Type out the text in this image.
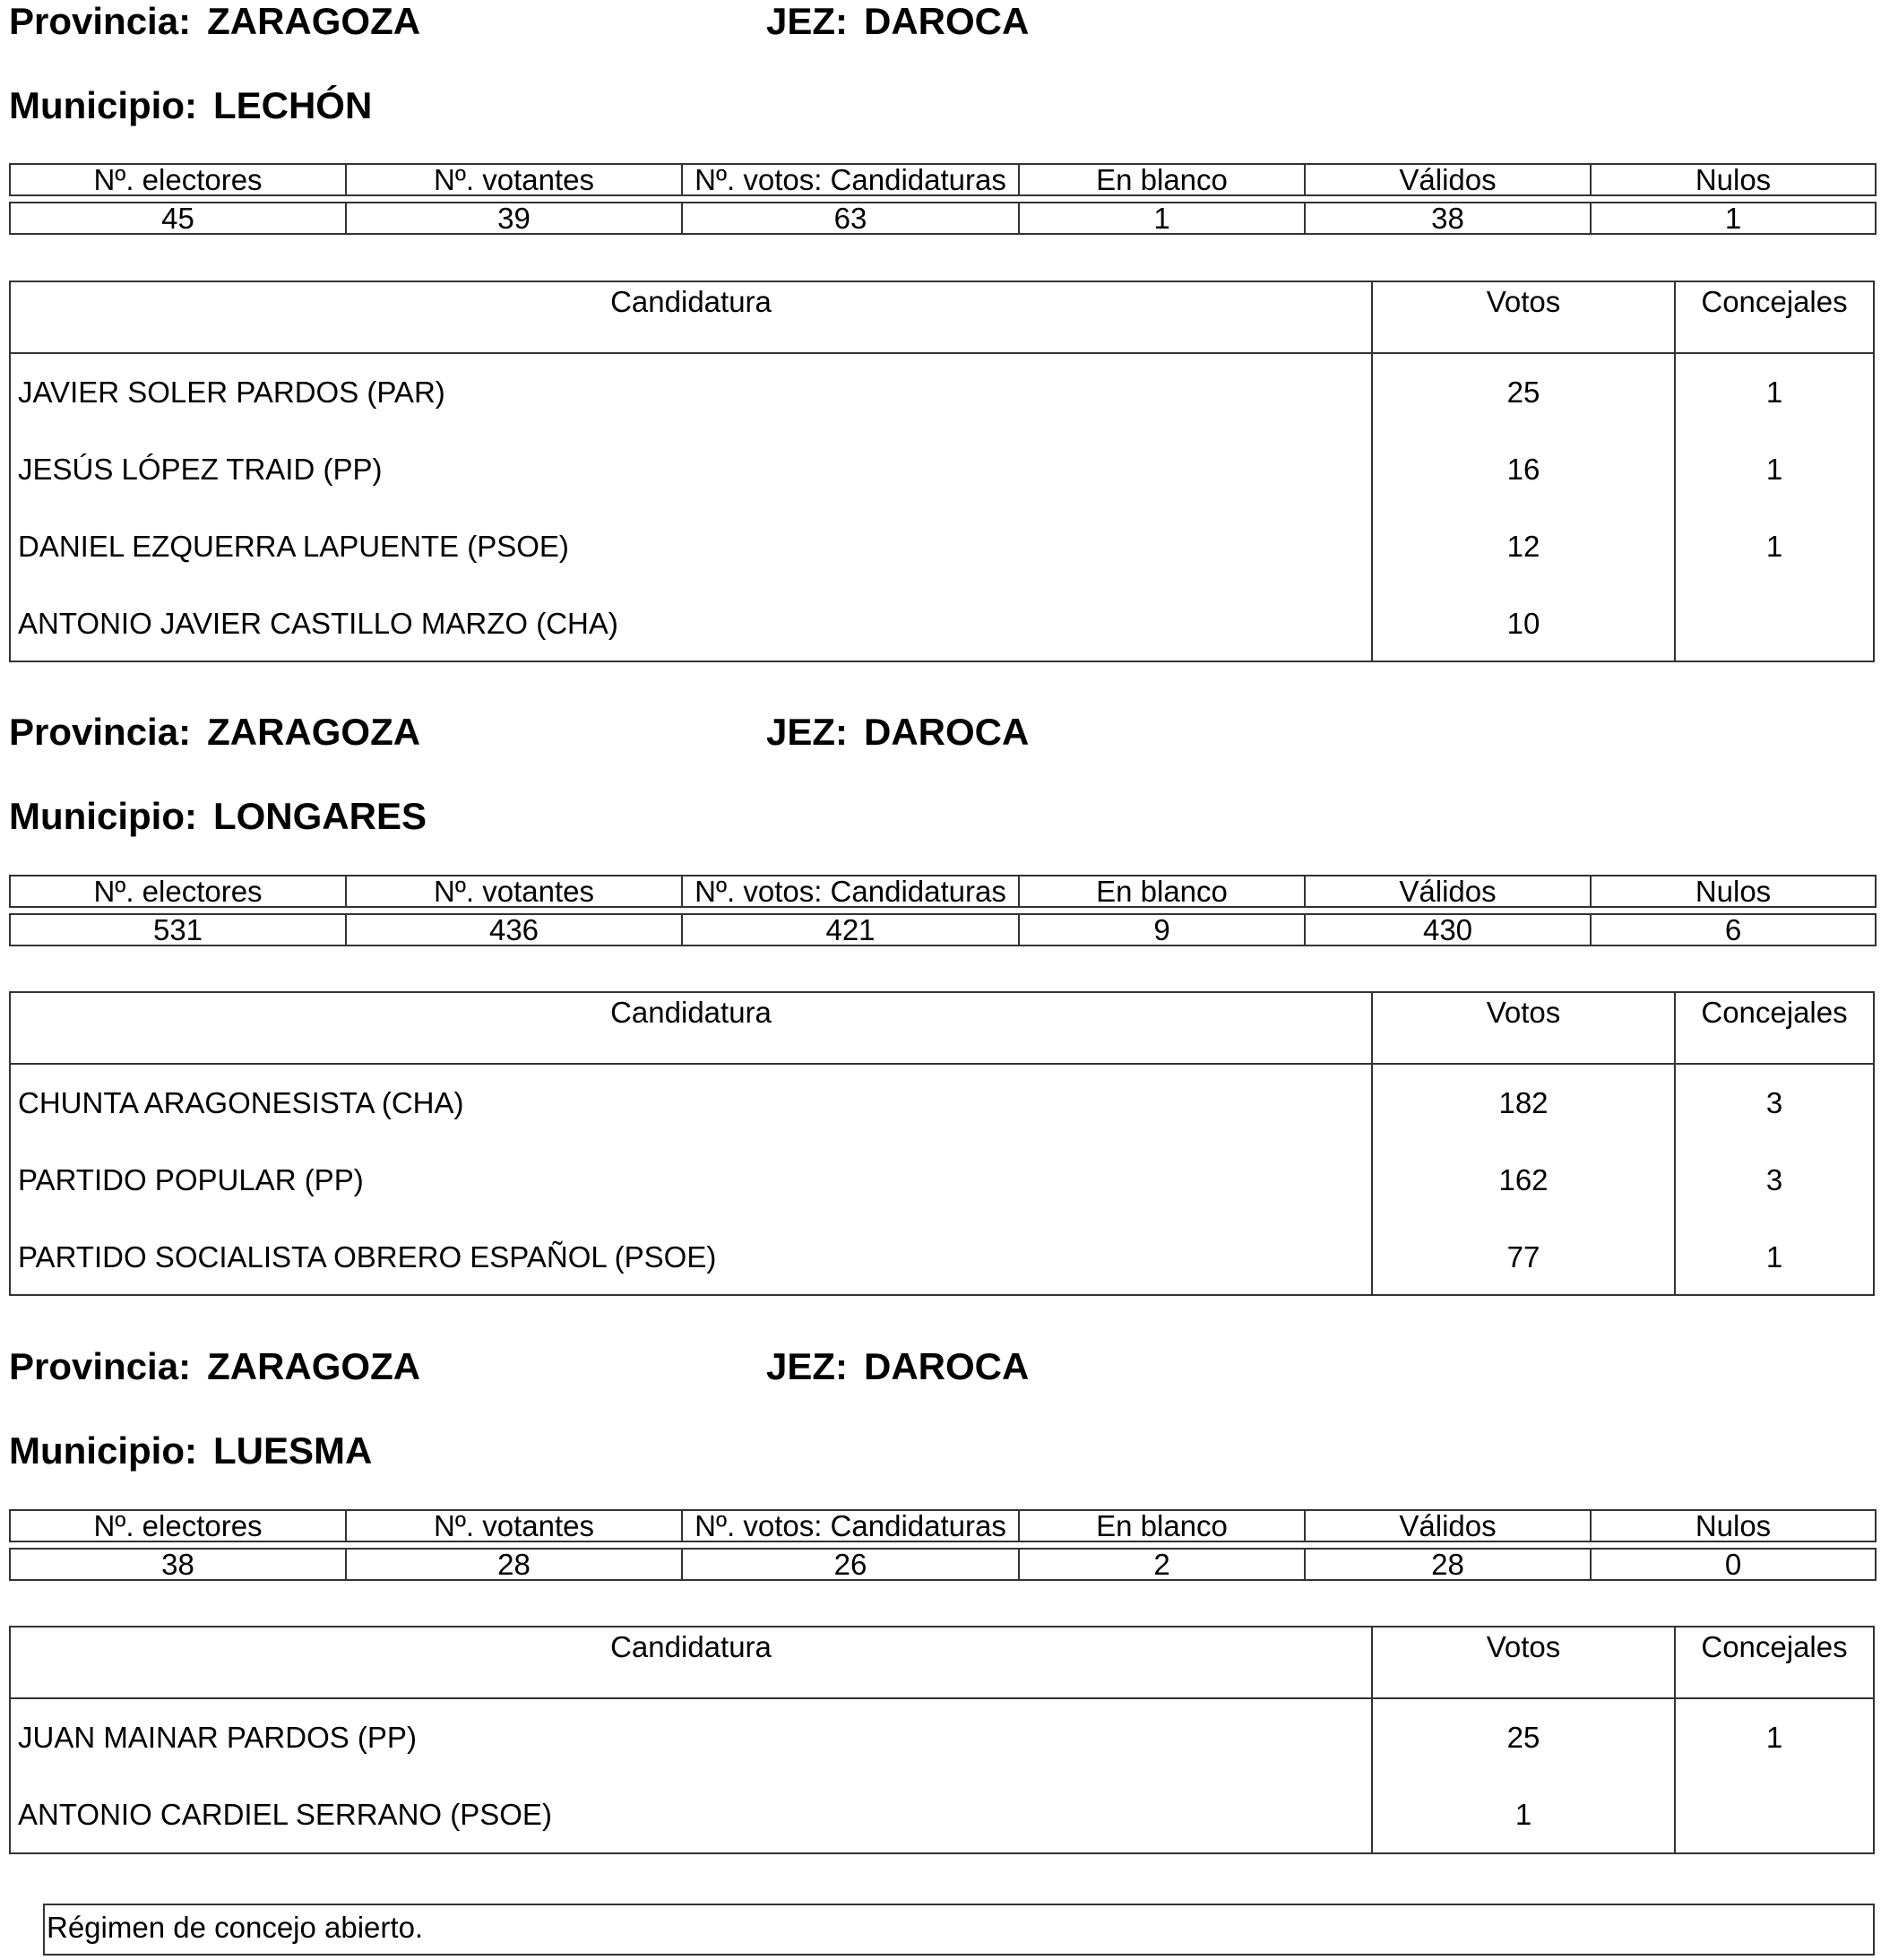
Provincia: ZARAGOZA	JEZ: DAROCA
Municipio: LECHÓN
Nº. electores	Nº. votantes	Nº. votos: Candidaturas	En blanco	Válidos	Nulos

45	39	63	1	38	1
Candidatura	Votos	Concejales
JAVIER SOLER PARDOS (PAR)	25	1
JESÚS LÓPEZ TRAID (PP)	16	1
DANIEL EZQUERRA LAPUENTE (PSOE)	12	1
ANTONIO JAVIER CASTILLO MARZO (CHA)	10
Provincia: ZARAGOZA	JEZ: DAROCA
Municipio: LONGARES
Nº. electores	Nº. votantes	Nº. votos: Candidaturas	En blanco	Válidos	Nulos

531	436	421	9	430	6
Candidatura	Votos	Concejales
CHUNTA ARAGONESISTA (CHA)	182	3
PARTIDO POPULAR (PP)	162	3
PARTIDO SOCIALISTA OBRERO ESPAÑOL (PSOE)	77	1
Provincia: ZARAGOZA	JEZ: DAROCA
Municipio: LUESMA
Nº. electores	Nº. votantes	Nº. votos: Candidaturas	En blanco	Válidos	Nulos

38	28	26	2	28	0
Candidatura	Votos	Concejales
JUAN MAINAR PARDOS (PP)	25	1
ANTONIO CARDIEL SERRANO (PSOE)	1
Régimen de concejo abierto.
